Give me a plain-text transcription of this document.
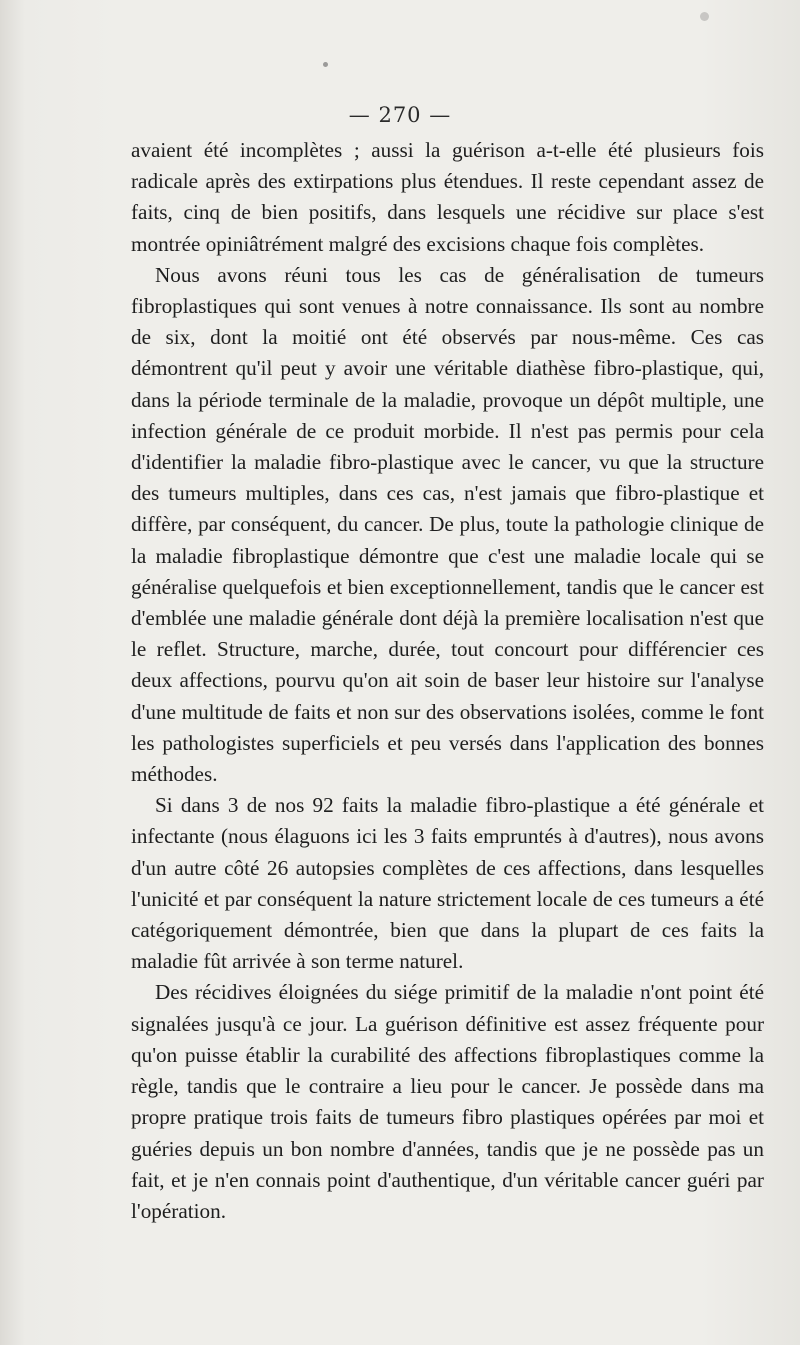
— 270 —

avaient été incomplètes ; aussi la guérison a-t-elle été plusieurs fois radicale après des extirpations plus étendues. Il reste cependant assez de faits, cinq de bien positifs, dans lesquels une récidive sur place s'est montrée opiniâtrément malgré des excisions chaque fois complètes.

Nous avons réuni tous les cas de généralisation de tumeurs fibroplastiques qui sont venues à notre connaissance. Ils sont au nombre de six, dont la moitié ont été observés par nous-même. Ces cas démontrent qu'il peut y avoir une véritable diathèse fibro-plastique, qui, dans la période terminale de la maladie, provoque un dépôt multiple, une infection générale de ce produit morbide. Il n'est pas permis pour cela d'identifier la maladie fibro-plastique avec le cancer, vu que la structure des tumeurs multiples, dans ces cas, n'est jamais que fibro-plastique et diffère, par conséquent, du cancer. De plus, toute la pathologie clinique de la maladie fibroplastique démontre que c'est une maladie locale qui se généralise quelquefois et bien exceptionnellement, tandis que le cancer est d'emblée une maladie générale dont déjà la première localisation n'est que le reflet. Structure, marche, durée, tout concourt pour différencier ces deux affections, pourvu qu'on ait soin de baser leur histoire sur l'analyse d'une multitude de faits et non sur des observations isolées, comme le font les pathologistes superficiels et peu versés dans l'application des bonnes méthodes.

Si dans 3 de nos 92 faits la maladie fibro-plastique a été générale et infectante (nous élaguons ici les 3 faits empruntés à d'autres), nous avons d'un autre côté 26 autopsies complètes de ces affections, dans lesquelles l'unicité et par conséquent la nature strictement locale de ces tumeurs a été catégoriquement démontrée, bien que dans la plupart de ces faits la maladie fût arrivée à son terme naturel.

Des récidives éloignées du siége primitif de la maladie n'ont point été signalées jusqu'à ce jour. La guérison définitive est assez fréquente pour qu'on puisse établir la curabilité des affections fibroplastiques comme la règle, tandis que le contraire a lieu pour le cancer. Je possède dans ma propre pratique trois faits de tumeurs fibro plastiques opérées par moi et guéries depuis un bon nombre d'années, tandis que je ne possède pas un fait, et je n'en connais point d'authentique, d'un véritable cancer guéri par l'opération.
